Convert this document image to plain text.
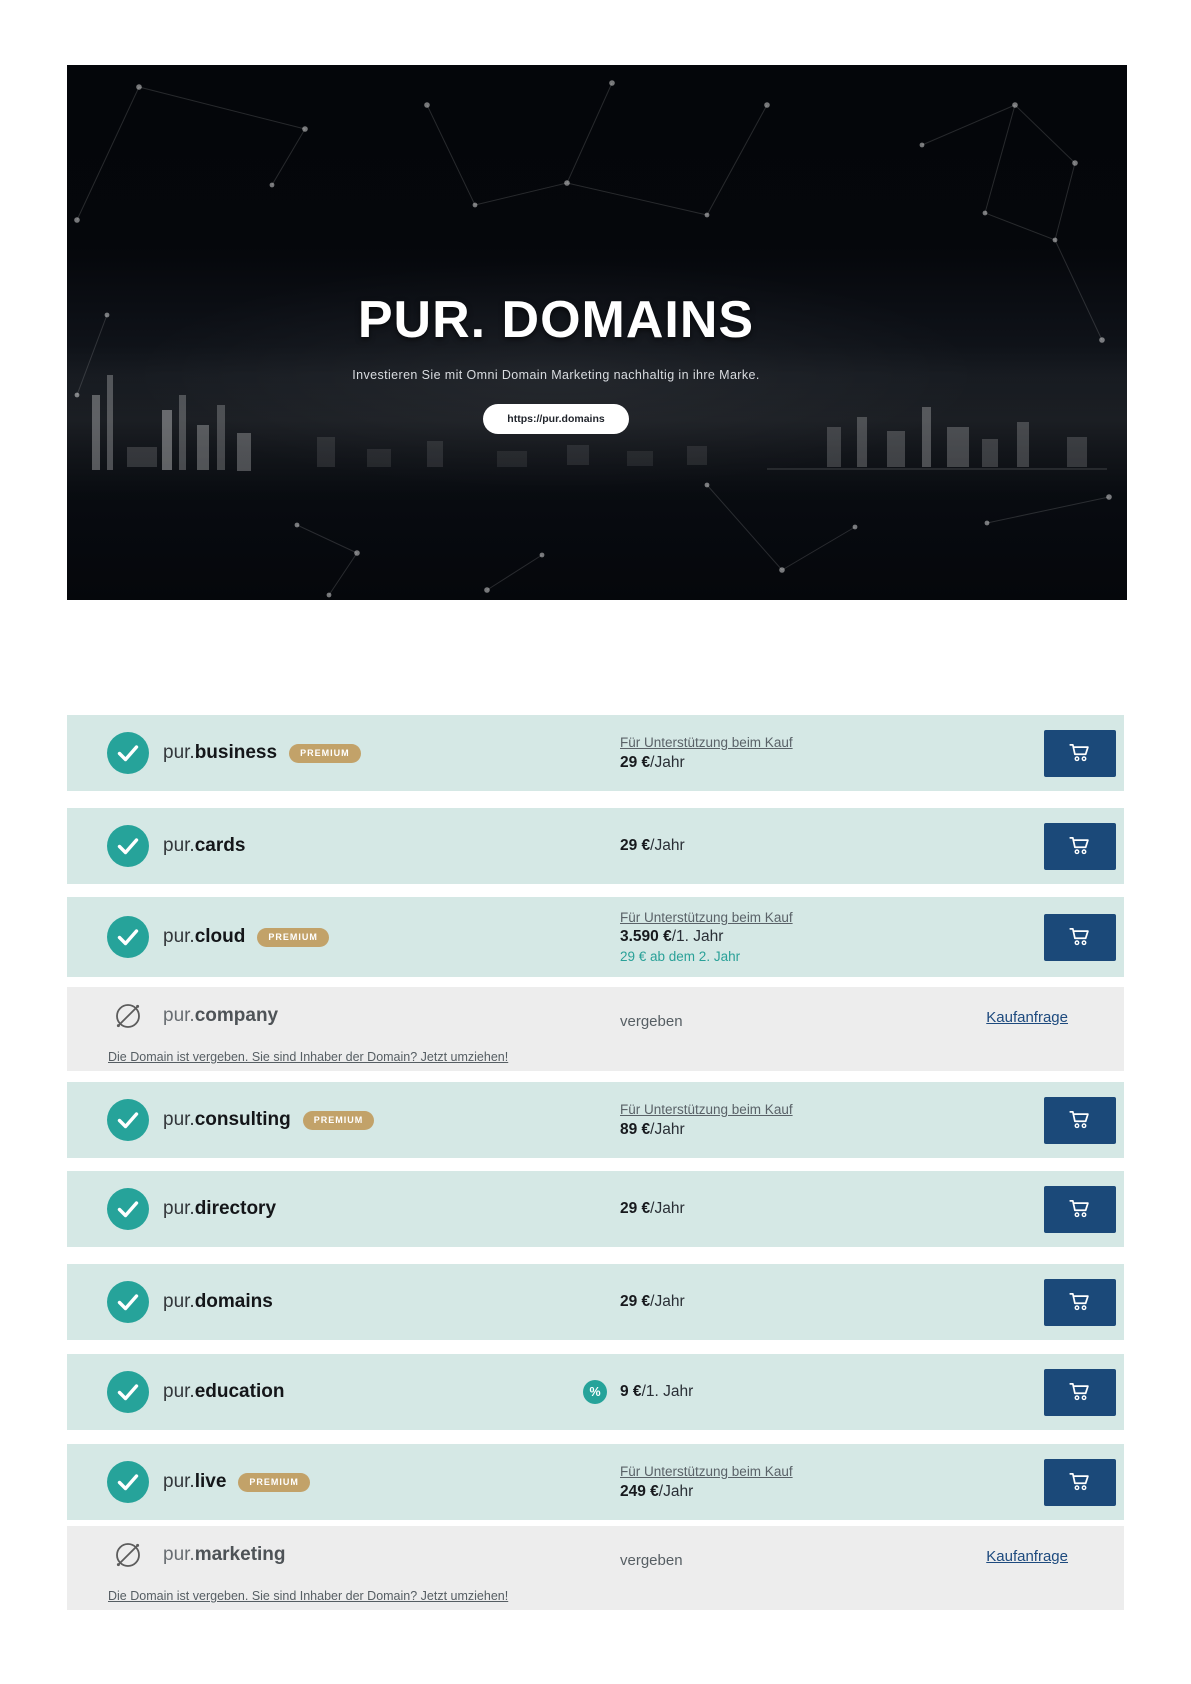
PUR. DOMAINS
Investieren Sie mit Omni Domain Marketing nachhaltig in ihre Marke.
https://pur.domains
pur.business	PREMIUM
Für Unterstützung beim Kauf
29 € /Jahr
pur.cards	29 € /Jahr
pur.cloud	PREMIUM
Für Unterstützung beim Kauf
3.590 € /1. Jahr
29 € ab dem 2. Jahr
pur.company	vergeben	Kaufanfrage
Die Domain ist vergeben. Sie sind Inhaber der Domain? Jetzt umziehen!
pur.consulting	PREMIUM
Für Unterstützung beim Kauf
89 € /Jahr
pur.directory	29 € /Jahr
pur.domains	29 € /Jahr
pur.education	%	9 € /1. Jahr
pur.live	PREMIUM
Für Unterstützung beim Kauf
249 € /Jahr
pur.marketing	vergeben	Kaufanfrage
Die Domain ist vergeben. Sie sind Inhaber der Domain? Jetzt umziehen!
